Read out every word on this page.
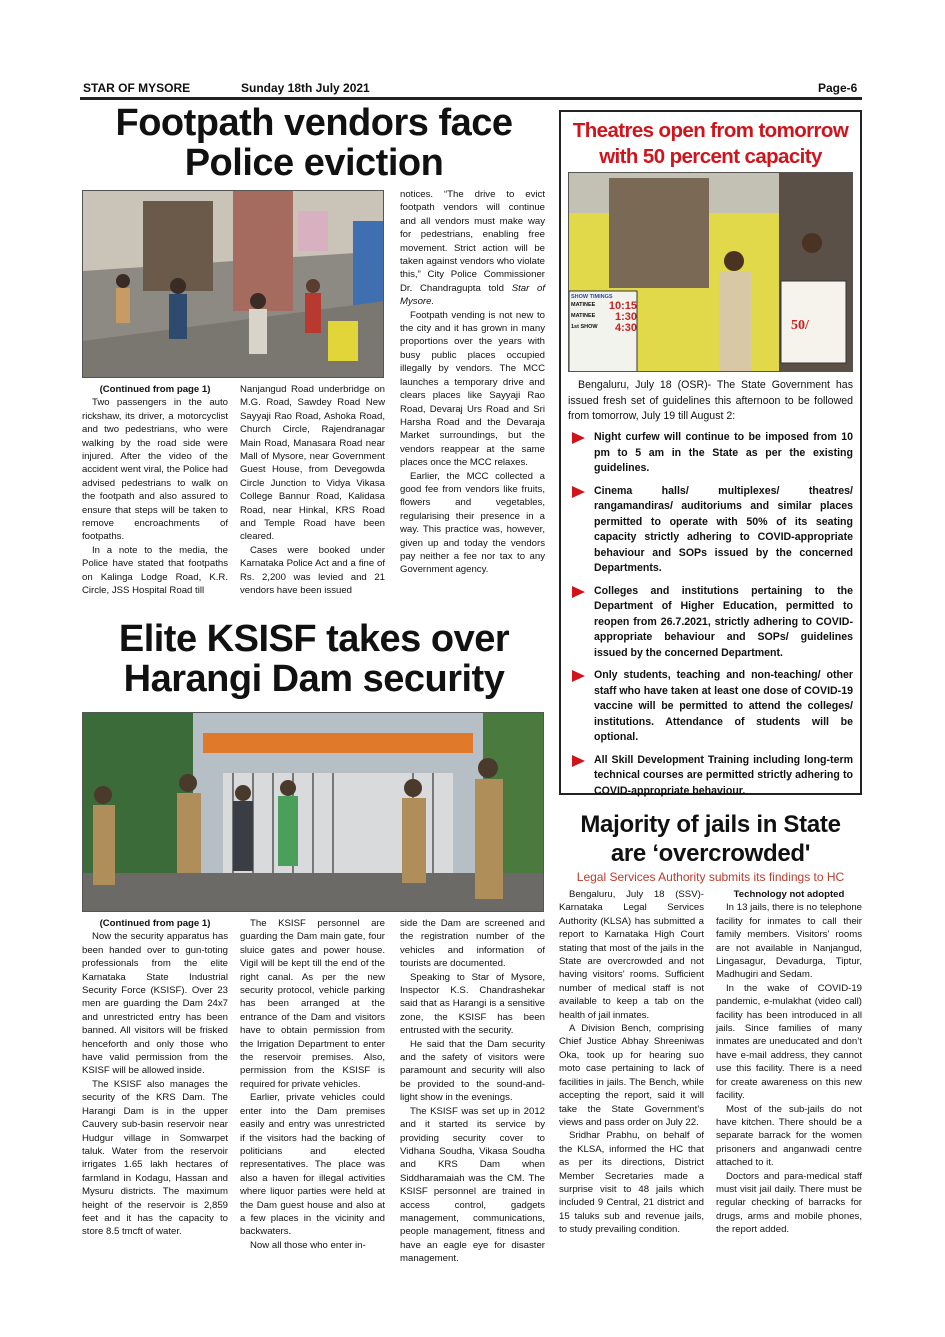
STAR OF MYSORE	Sunday 18th July 2021	Page-6
Footpath vendors face
Police eviction
(Continued from page 1)

Two passengers in the auto rickshaw, its driver, a motorcyclist and two pedestrians, who were walking by the road side were injured. After the video of the accident went viral, the Police had advised pedestrians to walk on the footpath and also assured to ensure that steps will be taken to remove encroachments of footpaths.

In a note to the media, the Police have stated that footpaths on Kalinga Lodge Road, K.R. Circle, JSS Hospital Road till

Nanjangud Road underbridge on M.G. Road, Sawdey Road New Sayyaji Rao Road, Ashoka Road, Church Circle, Rajendranagar Main Road, Manasara Road near Mall of Mysore, near Government Guest House, from Devegowda Circle Junction to Vidya Vikasa College Bannur Road, Kalidasa Road, near Hinkal, KRS Road and Temple Road have been cleared.

Cases were booked under Karnataka Police Act and a fine of Rs. 2,200 was levied and 21 vendors have been issued

notices. “The drive to evict footpath vendors will continue and all vendors must make way for pedestrians, enabling free movement. Strict action will be taken against vendors who violate this,” City Police Commissioner Dr. Chandragupta told Star of Mysore.

Footpath vending is not new to the city and it has grown in many proportions over the years with busy public places occupied illegally by vendors. The MCC launches a temporary drive and clears places like Sayyaji Rao Road, Devaraj Urs Road and Sri Harsha Road and the Devaraja Market surroundings, but the vendors reappear at the same places once the MCC relaxes.

Earlier, the MCC collected a good fee from vendors like fruits, flowers and vegetables, regularising their presence in a way. This practice was, however, given up and today the vendors pay neither a fee nor tax to any Government agency.

Elite KSISF takes over
Harangi Dam security
(Continued from page 1)

Now the security apparatus has been handed over to gun-toting professionals from the elite Karnataka State Industrial Security Force (KSISF). Over 23 men are guarding the Dam 24x7 and unrestricted entry has been banned. All visitors will be frisked henceforth and only those who have valid permission from the KSISF will be allowed inside.

The KSISF also manages the security of the KRS Dam. The Harangi Dam is in the upper Cauvery sub-basin reservoir near Hudgur village in Somwarpet taluk. Water from the reservoir irrigates 1.65 lakh hectares of farmland in Kodagu, Hassan and Mysuru districts. The maximum height of the reservoir is 2,859 feet and it has the capacity to store 8.5 tmcft of water.

The KSISF personnel are guarding the Dam main gate, four sluice gates and power house. Vigil will be kept till the end of the right canal. As per the new security protocol, vehicle parking has been arranged at the entrance of the Dam and visitors have to obtain permission from the Irrigation Department to enter the reservoir premises. Also, permission from the KSISF is required for private vehicles.

Earlier, private vehicles could enter into the Dam premises easily and entry was unrestricted if the visitors had the backing of politicians and elected representatives. The place was also a haven for illegal activities where liquor parties were held at the Dam guest house and also at a few places in the vicinity and backwaters.

Now all those who enter in-

side the Dam are screened and the registration number of the vehicles and information of tourists are documented.

Speaking to Star of Mysore, Inspector K.S. Chandrashekar said that as Harangi is a sensitive zone, the KSISF has been entrusted with the security.

He said that the Dam security and the safety of visitors were paramount and security will also be provided to the sound-and-light show in the evenings.

The KSISF was set up in 2012 and it started its service by providing security cover to Vidhana Soudha, Vikasa Soudha and KRS Dam when Siddharamaiah was the CM. The KSISF personnel are trained in access control, gadgets management, communications, people management, fitness and have an eagle eye for disaster management.

Theatres open from tomorrow
with 50 percent capacity
SHOW TIMINGS
MATINEE 10:15
MATINEE 1:30
1st SHOW 4:30	50/

Bengaluru, July 18 (OSR)- The State Government has issued fresh set of guidelines this afternoon to be followed from tomorrow, July 19 till August 2:

Night curfew will continue to be imposed from 10 pm to 5 am in the State as per the existing guidelines.
Cinema halls/ multiplexes/ theatres/ rangamandiras/ auditoriums and similar places permitted to operate with 50% of its seating capacity strictly adhering to COVID-appropriate behaviour and SOPs issued by the concerned Departments.
Colleges and institutions pertaining to the Department of Higher Education, permitted to reopen from 26.7.2021, strictly adhering to COVID-appropriate behaviour and SOPs/ guidelines issued by the concerned Department.
Only students, teaching and non-teaching/ other staff who have taken at least one dose of COVID-19 vaccine will be permitted to attend the colleges/ institutions. Attendance of students will be optional.
All Skill Development Training including long-term technical courses are permitted strictly adhering to COVID-appropriate behaviour.
Majority of jails in State
are ‘overcrowded'
Legal Services Authority submits its findings to HC

Bengaluru, July 18 (SSV)- Karnataka Legal Services Authority (KLSA) has submitted a report to Karnataka High Court stating that most of the jails in the State are overcrowded and not having visitors’ rooms. Sufficient number of medical staff is not available to keep a tab on the health of jail inmates.

A Division Bench, comprising Chief Justice Abhay Shreeniwas Oka, took up for hearing suo moto case pertaining to lack of facilities in jails. The Bench, while accepting the report, said it will take the State Government’s views and pass order on July 22.

Sridhar Prabhu, on behalf of the KLSA, informed the HC that as per its directions, District Member Secretaries made a surprise visit to 48 jails which included 9 Central, 21 district and 15 taluks sub and revenue jails, to study prevailing condition.

Technology not adopted

In 13 jails, there is no telephone facility for inmates to call their family members. Visitors’ rooms are not available in Nanjangud, Lingasagur, Devadurga, Tiptur, Madhugiri and Sedam.

In the wake of COVID-19 pandemic, e-mulakhat (video call) facility has been introduced in all jails. Since families of many inmates are uneducated and don’t have e-mail address, they cannot use this facility. There is a need for create awareness on this new facility.

Most of the sub-jails do not have kitchen. There should be a separate barrack for the women prisoners and anganwadi centre attached to it.

Doctors and para-medical staff must visit jail daily. There must be regular checking of barracks for drugs, arms and mobile phones, the report added.
